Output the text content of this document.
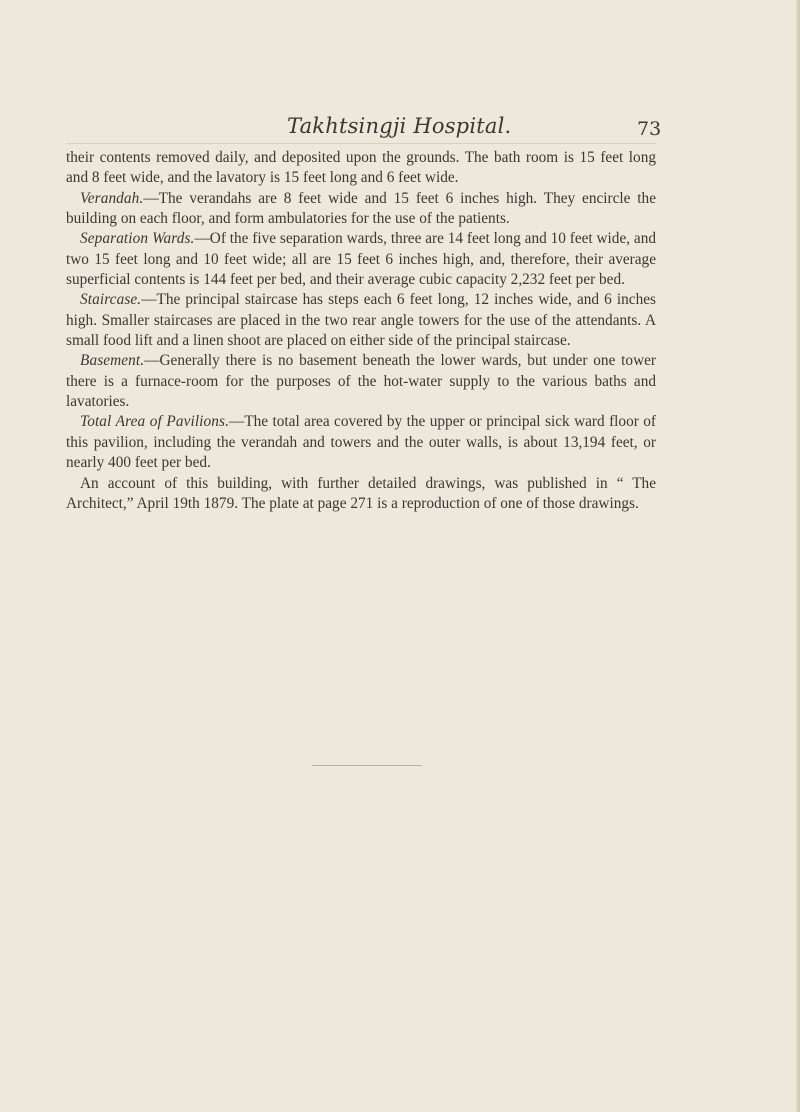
Takhtsingji Hospital.	73

their contents removed daily, and deposited upon the grounds. The bath room is 15 feet long and 8 feet wide, and the lavatory is 15 feet long and 6 feet wide.

Verandah.—The verandahs are 8 feet wide and 15 feet 6 inches high. They encircle the building on each floor, and form ambulatories for the use of the patients.

Separation Wards.—Of the five separation wards, three are 14 feet long and 10 feet wide, and two 15 feet long and 10 feet wide; all are 15 feet 6 inches high, and, therefore, their average superficial contents is 144 feet per bed, and their average cubic capacity 2,232 feet per bed.

Staircase.—The principal staircase has steps each 6 feet long, 12 inches wide, and 6 inches high. Smaller staircases are placed in the two rear angle towers for the use of the attendants. A small food lift and a linen shoot are placed on either side of the principal staircase.

Basement.—Generally there is no basement beneath the lower wards, but under one tower there is a furnace-room for the purposes of the hot-water supply to the various baths and lavatories.

Total Area of Pavilions.—The total area covered by the upper or principal sick ward floor of this pavilion, including the verandah and towers and the outer walls, is about 13,194 feet, or nearly 400 feet per bed.

An account of this building, with further detailed drawings, was published in “ The Architect,” April 19th 1879. The plate at page 271 is a reproduction of one of those drawings.
